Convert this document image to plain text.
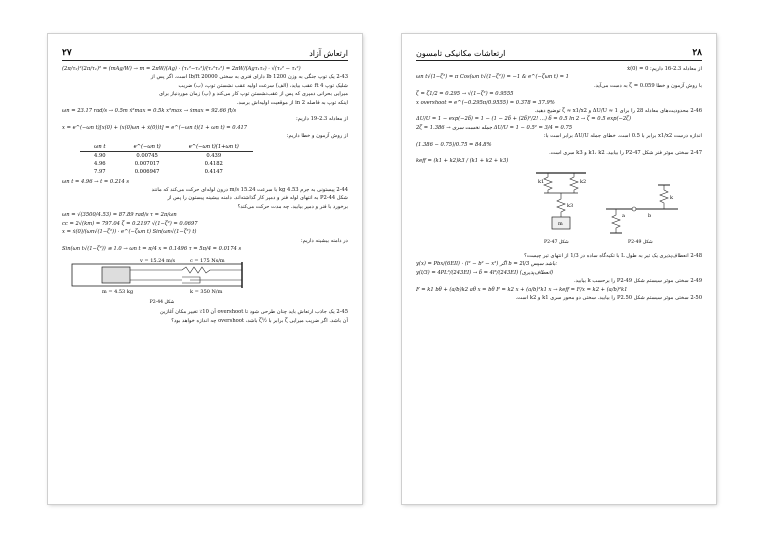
۲۷	ارتعاش آزاد
(2π/τ₂)²(2π/τ₁)² = (mAg/W) → m = 2πW/(Ag) · (τ₁²−τ₂²)/(τ₁²τ₂²) = 2πW/(Agτ₁τ₂) · √(τ₂² − τ₁²)
2-43 یک توپ جنگی به وزن 1200 lb دارای فنری به سختی 20000 lb/ft است. اگر پس از
شلیک توپ 4 ft عقب بیاید، (الف) سرعت اولیه عقب نشستن توپ، (ب) ضریب
میرایی بحرانی دمپری که پس از عقب‌نشستن توپ کار می‌کند و (پ) زمان موردنیاز برای
اینکه توپ به فاصله 2 in از موقعیت اولیه‌اش برسد.
ωn = 23.17 rad/s → 0.5m ẋ²max = 0.5k x²max → ẋmax = 92.66 ft/s
از معادله 2.3-19 داریم:
x = e^(−ωn t)[x(0) + (x(0)ωn + ẋ(0))t] = e^(−ωn t)(1 + ωn t) = 0.417
از روش آزمون و خطا داریم:
ωn t	e^(−ωn t)	e^(−ωn t)(1+ωn t)
4.90	0.00745	0.439
4.96	0.007017	0.4182
7.97	0.006947	0.4147
ωn t = 4.96 → t = 0.214 s
2-44 پیستونی به جرم 4.53 kg با سرعت 15.24 m/s درون لوله‌ای حرکت می‌کند که مانند
شکل P2-44 به انتهای لوله فنر و دمپر کار گذاشته‌اند. دامنه بیشینه پیستون را پس از
برخورد با فنر و دمپر بیابید. چه مدت حرکت می‌کند؟
ωn = √(3500/4.53) = 87.89 rad/s τ = 2π/ωn
cc = 2√(km) = 797.04 ζ = 0.2197 √(1−ζ²) = 0.0697
x = ẋ(0)/(ωn√(1−ζ²)) · e^(−ζωn t) Sin(ωn√(1−ζ²) t)
در دامنه بیشینه داریم:
Sin(ωn t√(1−ζ²)) ≅ 1.0 → ωn t = π/4 x = 0.1496 τ = 5π/4 = 0.0174 s
v = 15.24 m/s	c = 175 Ns/m
m = 4.53 kg	k = 350 N/m
P2-44 شکل
2-45 یک جاذب ارتعاش باید چنان طرحی شود تا overshoot آن 10٪ تغییر مکان آغازین
آن باشد. اگر ضریب میرایی ζ برابر با ½ζ باشد، overshoot چه اندازه خواهد بود؟
ارتعاشات مکانیکی تامسون	۲۸
از معادله 2.3-16 داریم: ẋ(0) = 0
ωn t√(1−ζ²) = π Cos(ωn t√(1−ζ²)) = −1 & e^(−ζωn t) = 1
با روش آزمون و خطا 0.059 = ζ به دست می‌آید.
ζ = ζ1/2 = 0.295 → √(1−ζ²) = 0.9555
x overshoot = e^(−0.295π/0.9555) = 0.378 = 37.9%
2-46 محدودیت‌های معادله 28 را برای 1 ≈ ΔU/U و ζ ≈ x1/x2 توضیح دهید.
ΔU/U = 1 − exp(−2δ) = 1 − (1 − 2δ + (2δ)²/2! ...) δ = 0.5 ln 2 → ζ = 0.5 exp(−2ζ)
2ζ = 1.386 → جمله نخست سری ΔU/U = 1 − 0.5² = 3/4 = 0.75
اندازه درست x1/x2 برابر با 0.5 است. خطای جمله ΔU/U برابر است با:
(1.386 − 0.75)/0.75 = 84.8%
2-47 سختی موثر فنر شکل P2-47 را بیابید. k1، k2 و k3 سری است.
keff = (k1 + k2)k3 / (k1 + k2 + k3)
k1	k2
k3
m
a	b
k
P2-47 شکل	P2-49 شکل
2-48 انعطاف‌پذیری یک تیر به طول L با تکیه‌گاه ساده در 1/3 از انتهای تیر چیست؟
y(x) = Pbx/(6EIl) · (l² − b² − x²) اگر b = 2l/3 باشد سپس:
y(l/3) = 4PL³/(243EI) → δ = 4l³/(243EI) (انعطاف‌پذیری)
2-49 سختی موثر سیستم شکل P2-49 را برحسب k بیابید.
F = k1 bθ + (a/b)k2 aθ x = bθ F = k2 x + (a/b)²k1 x → keff = F/x = k2 + (a/b)²k1
2-50 سختی موثر سیستم شکل P2.50 را بیابید. سختی دو محور سری k1 و k2 است.
